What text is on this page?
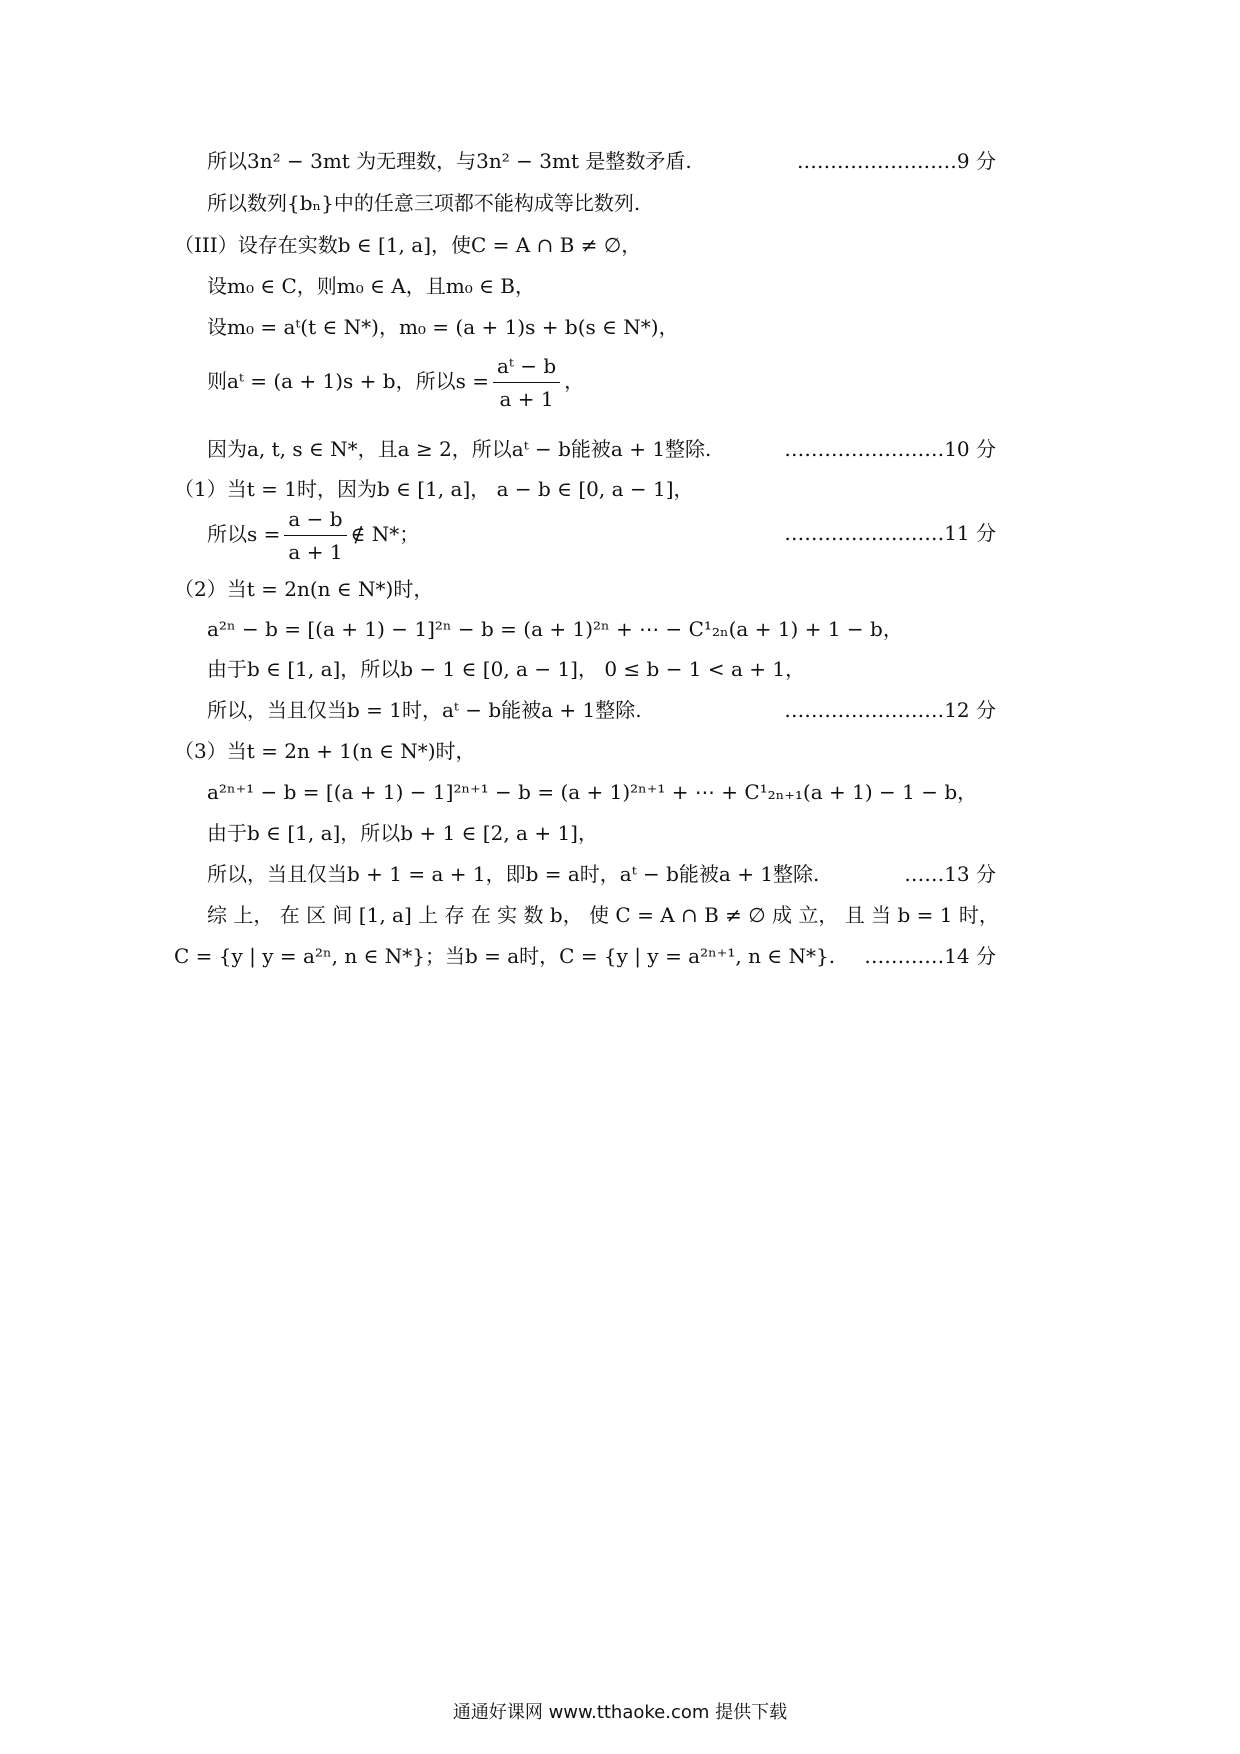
所以3n² − 3mt 为无理数，与3n² − 3mt 是整数矛盾.	……………………9 分
所以数列{bₙ}中的任意三项都不能构成等比数列.
（III）设存在实数b ∈ [1, a]，使C = A ∩ B ≠ ∅，
设m₀ ∈ C，则m₀ ∈ A，且m₀ ∈ B，
设m₀ = aᵗ(t ∈ N*)，m₀ = (a + 1)s + b(s ∈ N*)，
则aᵗ = (a + 1)s + b，所以$s = \frac{\text{aᵗ − b}}{a + 1}$ ，
因为a, t, s ∈ N*，且a ≥ 2，所以aᵗ − b能被a + 1整除.	……………………10 分
（1）当t = 1时，因为b ∈ [1, a]， a − b ∈ [0, a − 1]，
所以$s = \frac{a - b}{a + 1}$ ∉ N*；	……………………11 分
（2）当t = 2n(n ∈ N*)时，
a²ⁿ − b = [(a + 1) − 1]²ⁿ − b = (a + 1)²ⁿ + ⋯ − C¹₂ₙ(a + 1) + 1 − b，
由于b ∈ [1, a]，所以b − 1 ∈ [0, a − 1]， 0 ≤ b − 1 < a + 1，
所以，当且仅当b = 1时，aᵗ − b能被a + 1整除.	……………………12 分
（3）当t = 2n + 1(n ∈ N*)时，
a²ⁿ⁺¹ − b = [(a + 1) − 1]²ⁿ⁺¹ − b = (a + 1)²ⁿ⁺¹ + ⋯ + C¹₂ₙ₊₁(a + 1) − 1 − b，
由于b ∈ [1, a]，所以b + 1 ∈ [2, a + 1]，
所以，当且仅当b + 1 = a + 1，即b = a时，aᵗ − b能被a + 1整除.	……13 分
综 上， 在 区 间 [1, a] 上 存 在 实 数 b， 使 C = A ∩ B ≠ ∅ 成 立， 且 当 b = 1 时，
C = {y | y = a²ⁿ, n ∈ N*}；当b = a时，C = {y | y = a²ⁿ⁺¹, n ∈ N*}. …………14 分
通通好课网 www.tthaoke.com 提供下载
